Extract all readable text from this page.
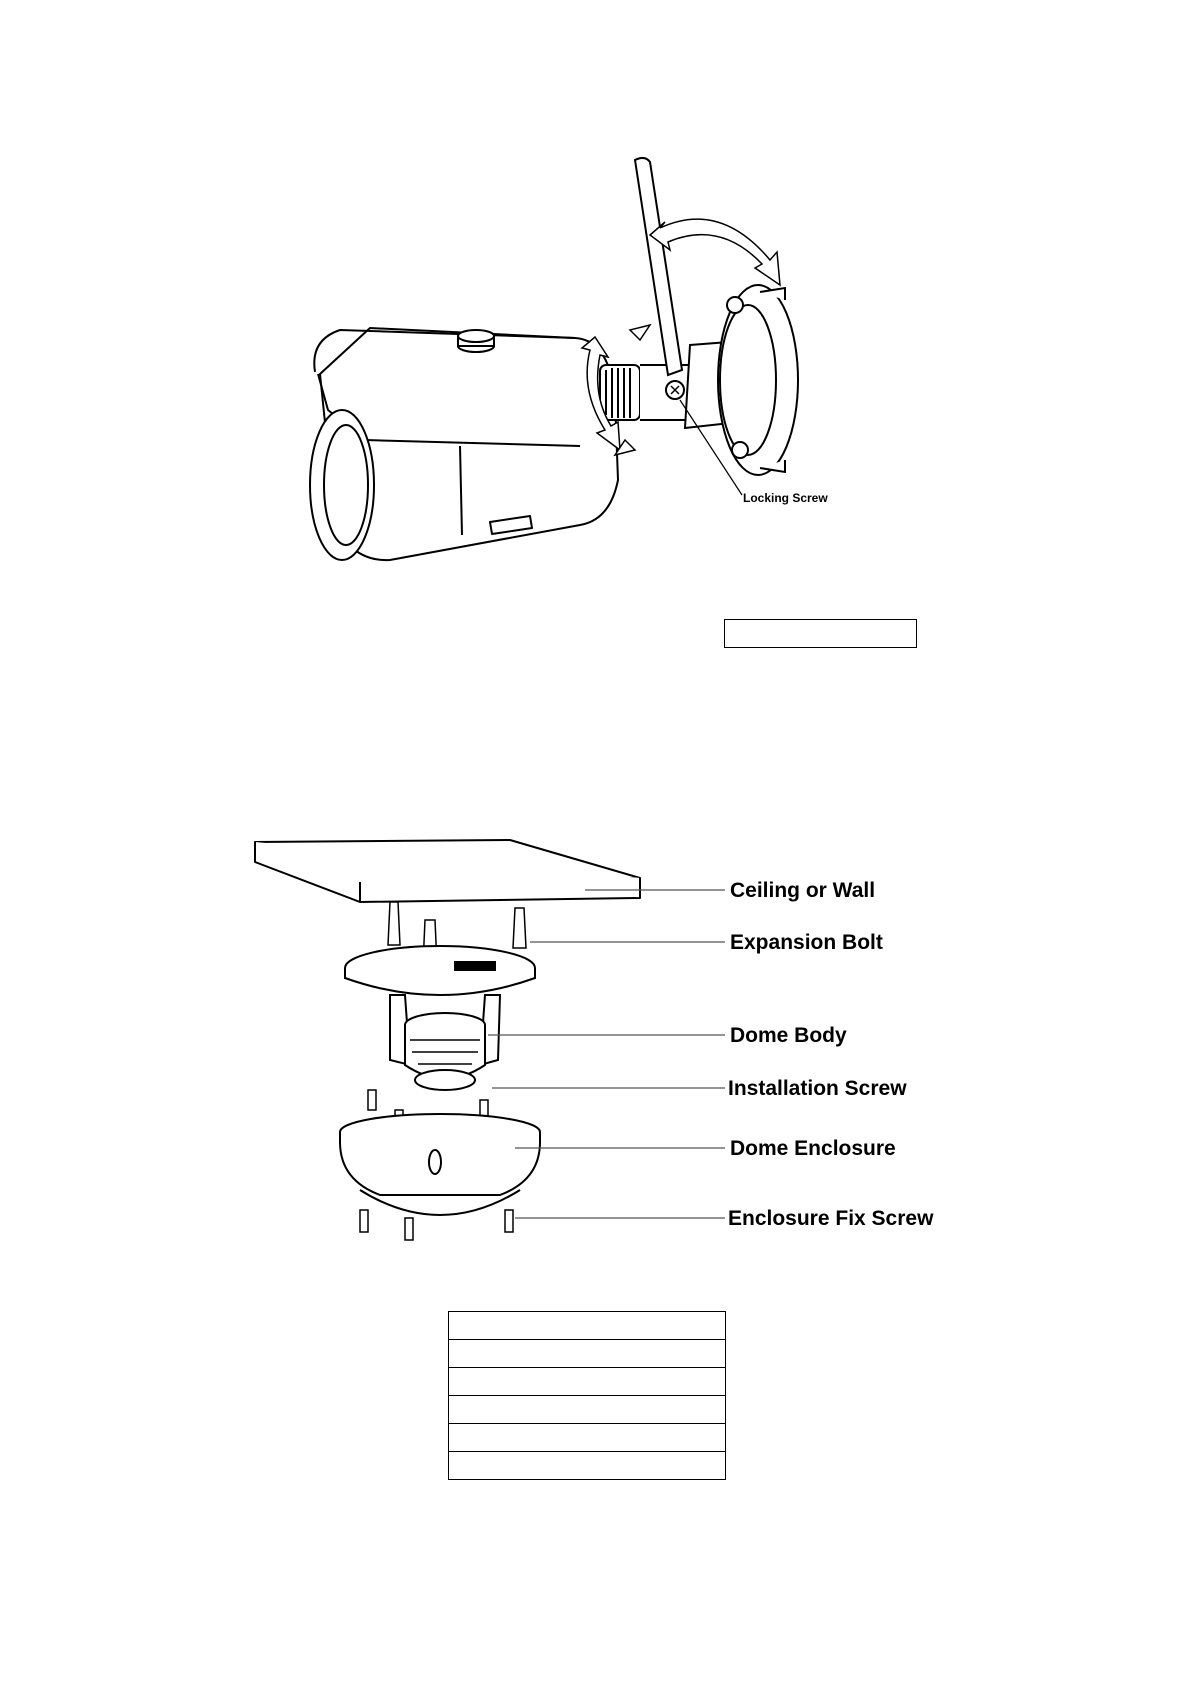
Locking Screw
Ceiling or Wall
Expansion Bolt
Dome Body
Installation Screw
Dome Enclosure
Enclosure Fix Screw
